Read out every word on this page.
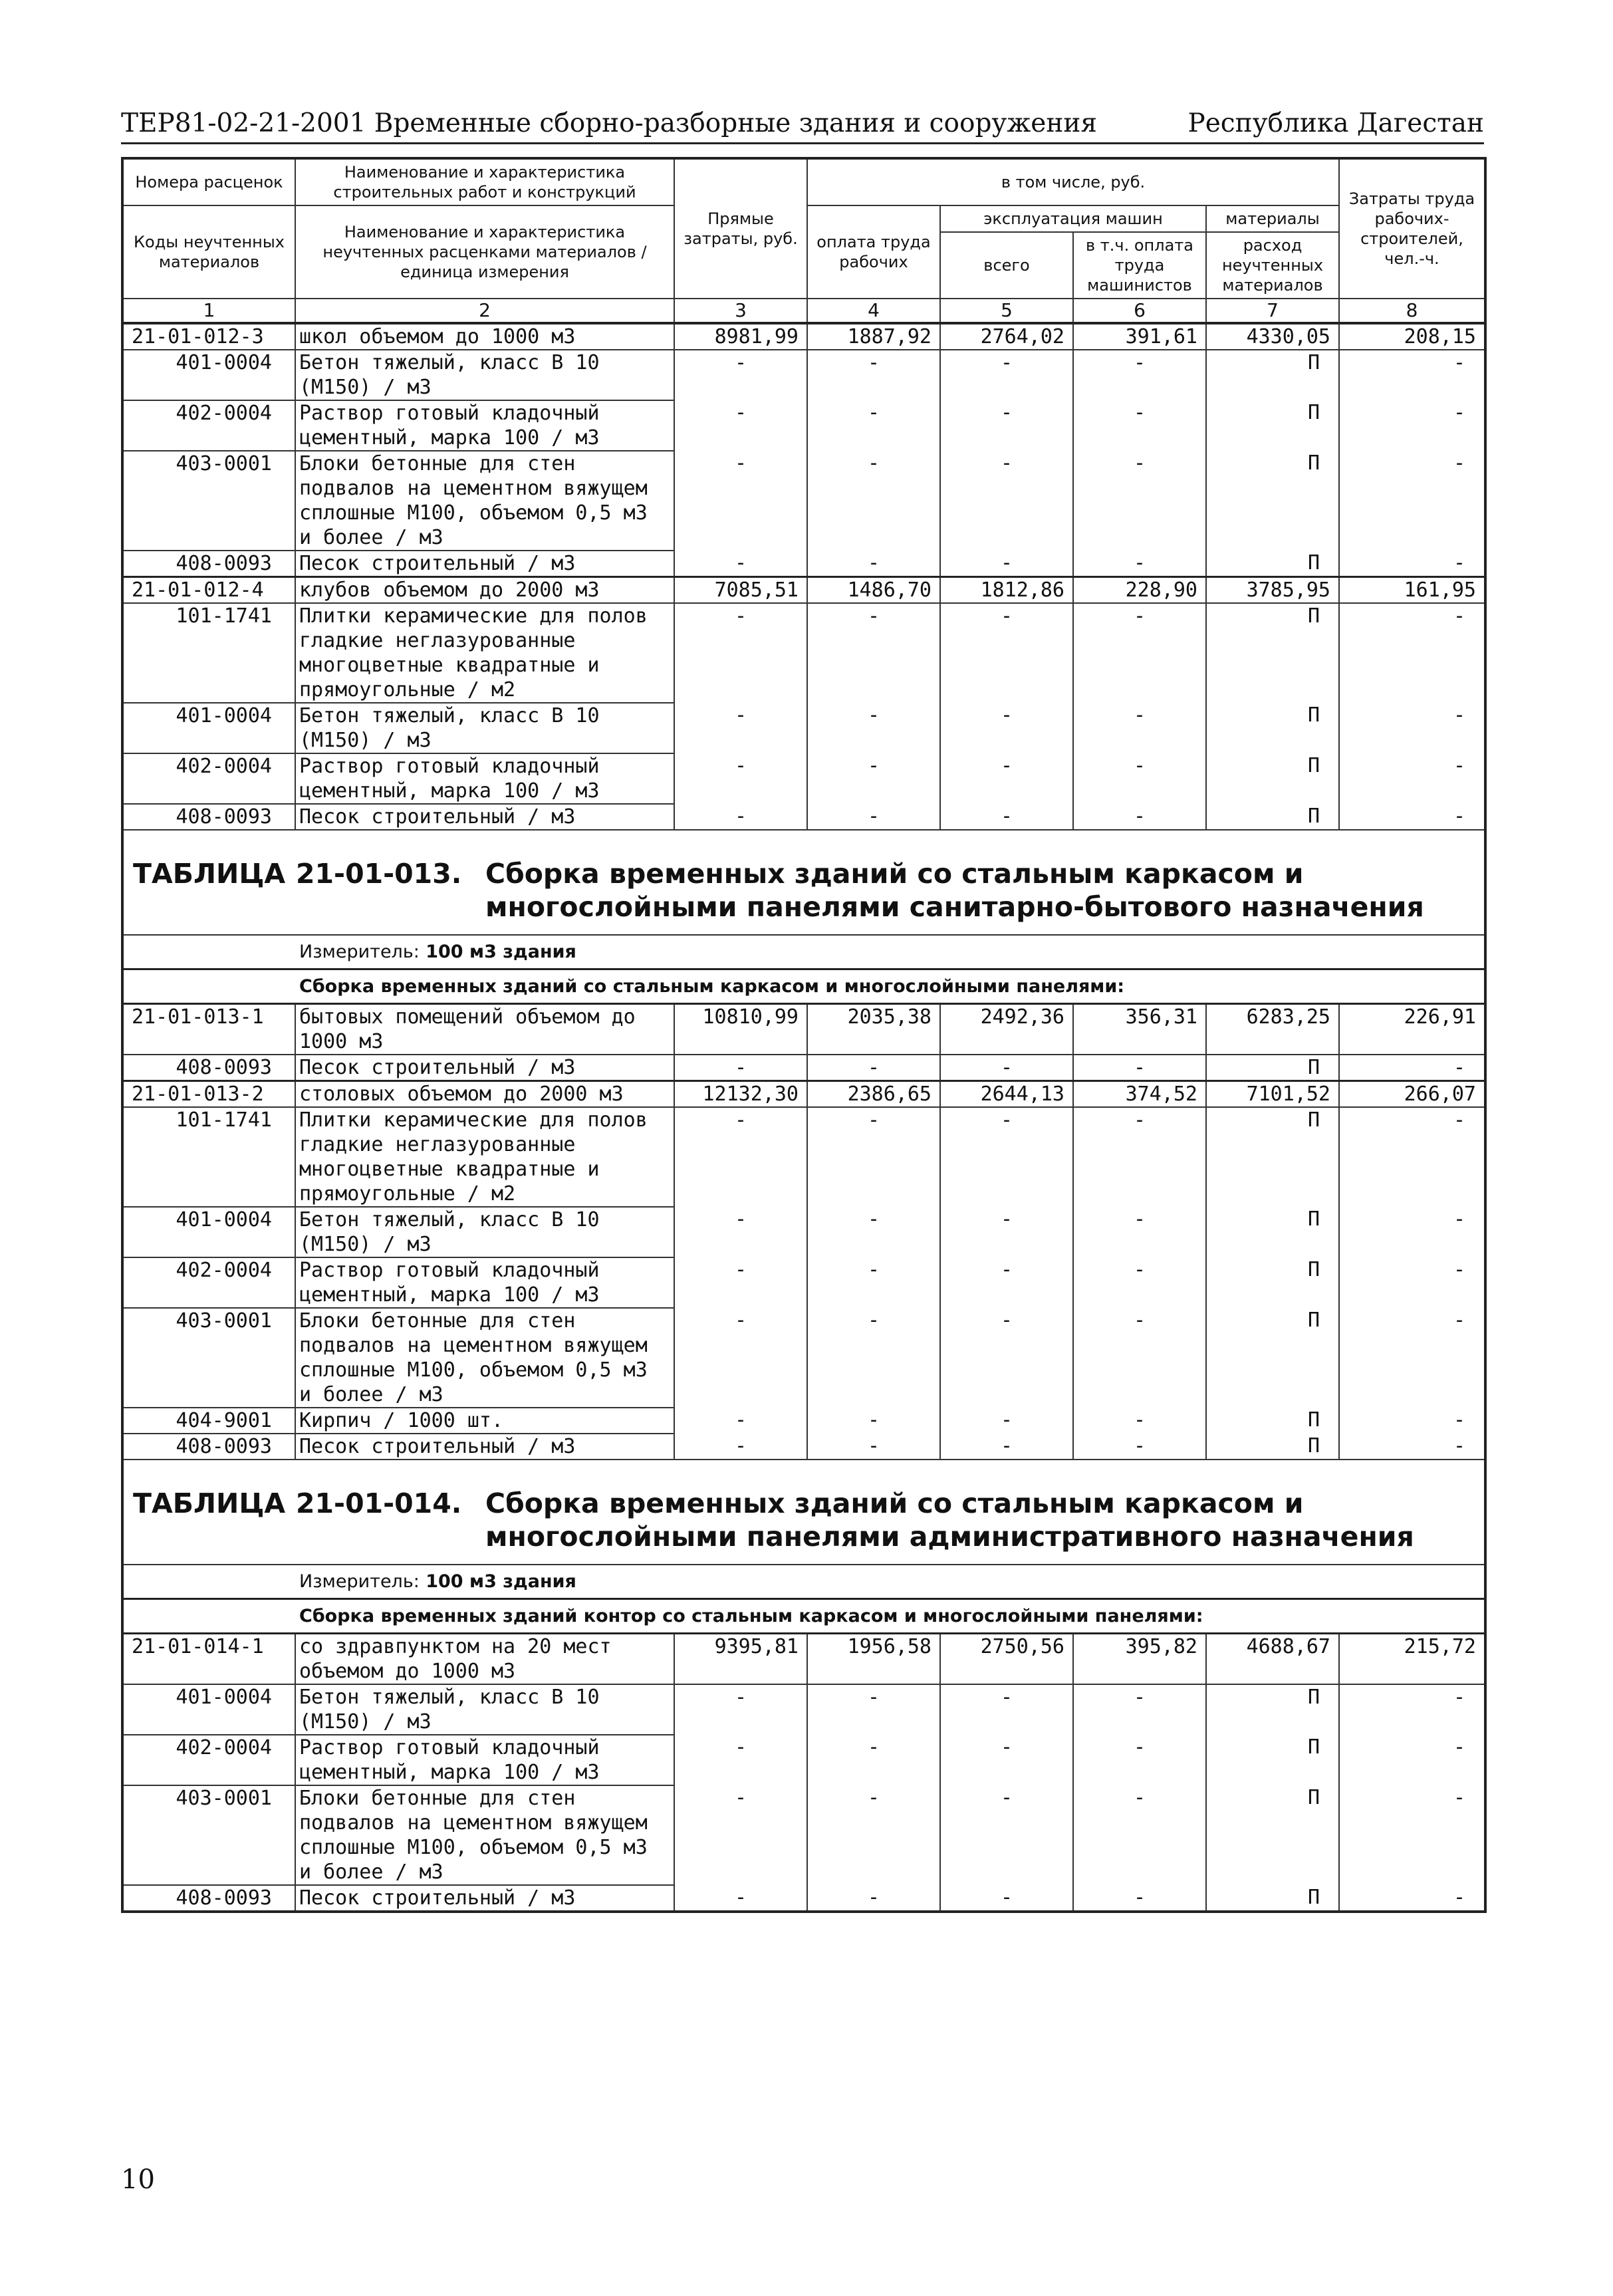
ТЕР81-02-21-2001 Временные сборно-разборные здания и сооружения	Республика Дагестан
Номера расценок	Наименование и характеристика строительных работ и конструкций	Прямые затраты, руб.	в том числе, руб.				Затраты труда рабочих-строителей, чел.-ч.
Коды неучтенных материалов	Наименование и характеристика неучтенных расценками материалов / единица измерения		оплата труда рабочих	эксплуатация машин		материалы	
				всего	в т.ч. оплата труда машинистов	расход неучтенных материалов	
1	2	3	4	5	6	7	8
21-01-012-3	школ объемом до 1000 м3	8981,99	1887,92	2764,02	391,61	4330,05	208,15
401-0004	Бетон тяжелый, класс В 10 (М150) / м3	-	-	-	-	П	-
402-0004	Раствор готовый кладочный цементный, марка 100 / м3	-	-	-	-	П	-
403-0001	Блоки бетонные для стен подвалов на цементном вяжущем сплошные М100, объемом 0,5 м3 и более / м3	-	-	-	-	П	-
408-0093	Песок строительный / м3	-	-	-	-	П	-
21-01-012-4	клубов объемом до 2000 м3	7085,51	1486,70	1812,86	228,90	3785,95	161,95
101-1741	Плитки керамические для полов гладкие неглазурованные многоцветные квадратные и прямоугольные / м2	-	-	-	-	П	-
401-0004	Бетон тяжелый, класс В 10 (М150) / м3	-	-	-	-	П	-
402-0004	Раствор готовый кладочный цементный, марка 100 / м3	-	-	-	-	П	-
408-0093	Песок строительный / м3	-	-	-	-	П	-

ТАБЛИЦА 21-01-013. Сборка временных зданий со стальным каркасом и многослойными панелями санитарно-бытового назначения							

Измеритель: 100 м3 здания							
Сборка временных зданий со стальным каркасом и многослойными панелями:							
21-01-013-1	бытовых помещений объемом до 1000 м3	10810,99	2035,38	2492,36	356,31	6283,25	226,91
408-0093	Песок строительный / м3	-	-	-	-	П	-
21-01-013-2	столовых объемом до 2000 м3	12132,30	2386,65	2644,13	374,52	7101,52	266,07
101-1741	Плитки керамические для полов гладкие неглазурованные многоцветные квадратные и прямоугольные / м2	-	-	-	-	П	-
401-0004	Бетон тяжелый, класс В 10 (М150) / м3	-	-	-	-	П	-
402-0004	Раствор готовый кладочный цементный, марка 100 / м3	-	-	-	-	П	-
403-0001	Блоки бетонные для стен подвалов на цементном вяжущем сплошные М100, объемом 0,5 м3 и более / м3	-	-	-	-	П	-
404-9001	Кирпич / 1000 шт.	-	-	-	-	П	-
408-0093	Песок строительный / м3	-	-	-	-	П	-

ТАБЛИЦА 21-01-014. Сборка временных зданий со стальным каркасом и многослойными панелями административного назначения							

Измеритель: 100 м3 здания							
Сборка временных зданий контор со стальным каркасом и многослойными панелями:							
21-01-014-1	со здравпунктом на 20 мест объемом до 1000 м3	9395,81	1956,58	2750,56	395,82	4688,67	215,72
401-0004	Бетон тяжелый, класс В 10 (М150) / м3	-	-	-	-	П	-
402-0004	Раствор готовый кладочный цементный, марка 100 / м3	-	-	-	-	П	-
403-0001	Блоки бетонные для стен подвалов на цементном вяжущем сплошные М100, объемом 0,5 м3 и более / м3	-	-	-	-	П	-
408-0093	Песок строительный / м3	-	-	-	-	П	-
10
